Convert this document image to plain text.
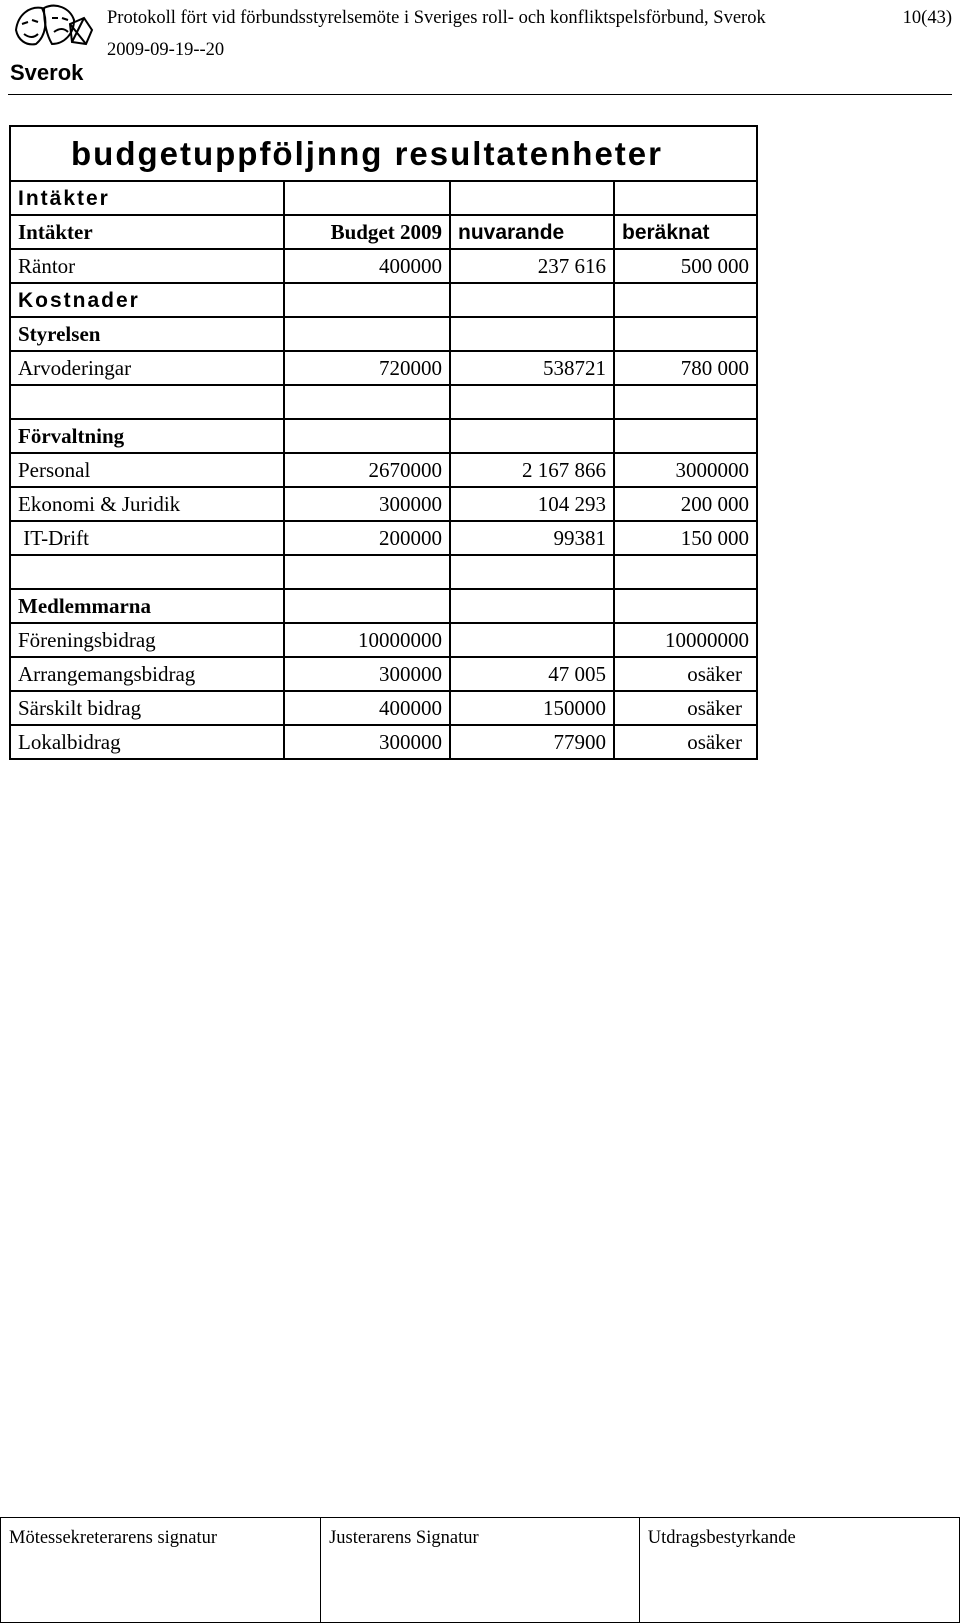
Sverok
Protokoll fört vid förbundsstyrelsemöte i Sveriges roll- och konfliktspelsförbund, Sverok
2009-09-19--20
10(43)
budgetuppföljnng resultatenheter			
Intäkter			
Intäkter	Budget 2009	nuvarande	beräknat
Räntor	400000	237 616	500 000
Kostnader			
Styrelsen			
Arvoderingar	720000	538721	780 000

Förvaltning			
Personal	2670000	2 167 866	3000000
Ekonomi & Juridik	300000	104 293	200 000
IT-Drift	200000	99381	150 000

Medlemmarna			
Föreningsbidrag	10000000		10000000
Arrangemangsbidrag	300000	47 005	osäker
Särskilt bidrag	400000	150000	osäker
Lokalbidrag	300000	77900	osäker
Mötessekreterarens signatur	Justerarens Signatur	Utdragsbestyrkande
